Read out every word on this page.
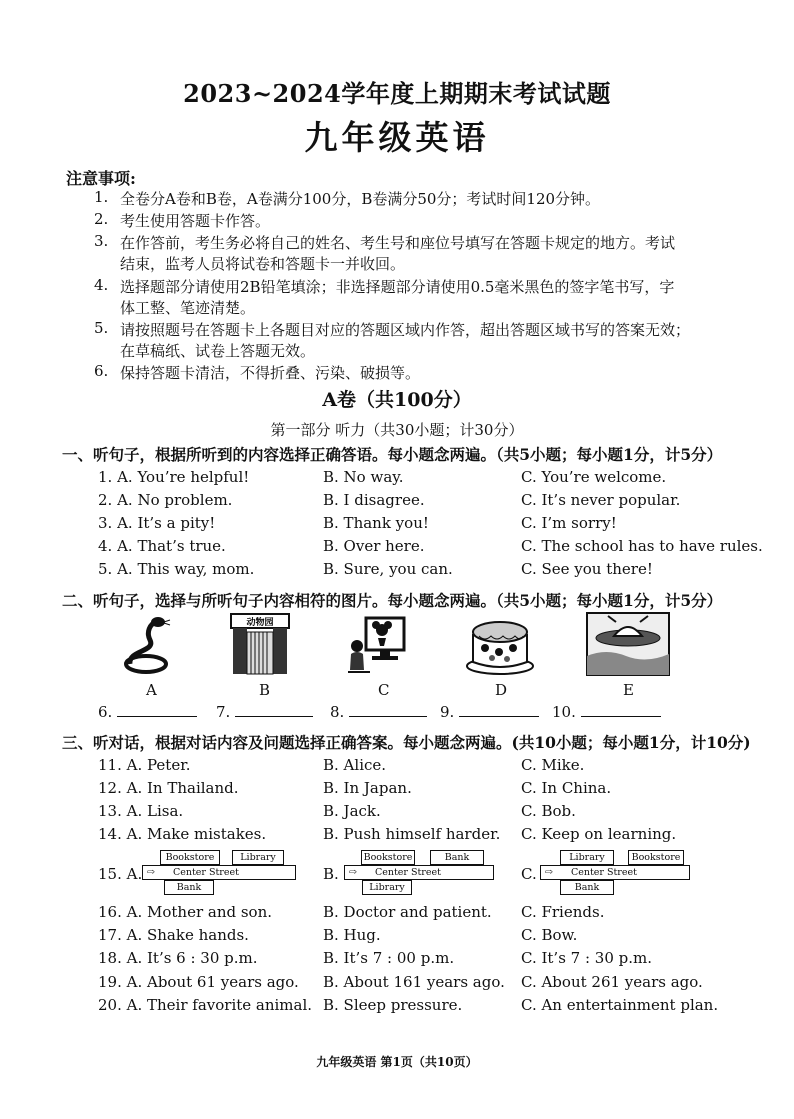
2023~2024学年度上期期末考试试题
九年级英语
注意事项:
1. 全卷分A卷和B卷，A卷满分100分，B卷满分50分；考试时间120分钟。
2. 考生使用答题卡作答。
3. 在作答前，考生务必将自己的姓名、考生号和座位号填写在答题卡规定的地方。考试
结束，监考人员将试卷和答题卡一并收回。
4. 选择题部分请使用2B铅笔填涂；非选择题部分请使用0.5毫米黑色的签字笔书写，字
体工整、笔迹清楚。
5. 请按照题号在答题卡上各题目对应的答题区域内作答，超出答题区域书写的答案无效；
在草稿纸、试卷上答题无效。
6. 保持答题卡清洁，不得折叠、污染、破损等。
A卷（共100分）
第一部分 听力（共30小题；计30分）
一、听句子，根据所听到的内容选择正确答语。每小题念两遍。（共5小题；每小题1分，计5分）
1. A. You’re helpful!	B. No way.	C. You’re welcome.
2. A. No problem.	B. I disagree.	C. It’s never popular.
3. A. It’s a pity!	B. Thank you!	C. I’m sorry!
4. A. That’s true.	B. Over here.	C. The school has to have rules.
5. A. This way, mom.	B. Sure, you can.	C. See you there!
二、听句子，选择与所听句子内容相符的图片。每小题念两遍。（共5小题；每小题1分，计5分）
动物园
A	B	C	D	E
6.	7.	8.	9.	10.
三、听对话，根据对话内容及问题选择正确答案。每小题念两遍。(共10小题；每小题1分，计10分)
11. A. Peter.	B. Alice.	C. Mike.
12. A. In Thailand.	B. In Japan.	C. In China.
13. A. Lisa.	B. Jack.	C. Bob.
14. A. Make mistakes.	B. Push himself harder. C. Keep on learning.
15. A.	B.	C.
Bookstore	Library
⇨ Center Street
Bank
Bookstore	Bank
⇨ Center Street
Library
Library	Bookstore
⇨ Center Street
Bank
16. A. Mother and son.	B. Doctor and patient. C. Friends.
17. A. Shake hands.	B. Hug.	C. Bow.
18. A. It’s 6 : 30 p.m.	B. It’s 7 : 00 p.m.	C. It’s 7 : 30 p.m.
19. A. About 61 years ago. B. About 161 years ago. C. About 261 years ago.
20. A. Their favorite animal. B. Sleep pressure.	C. An entertainment plan.
九年级英语 第1页（共10页）
